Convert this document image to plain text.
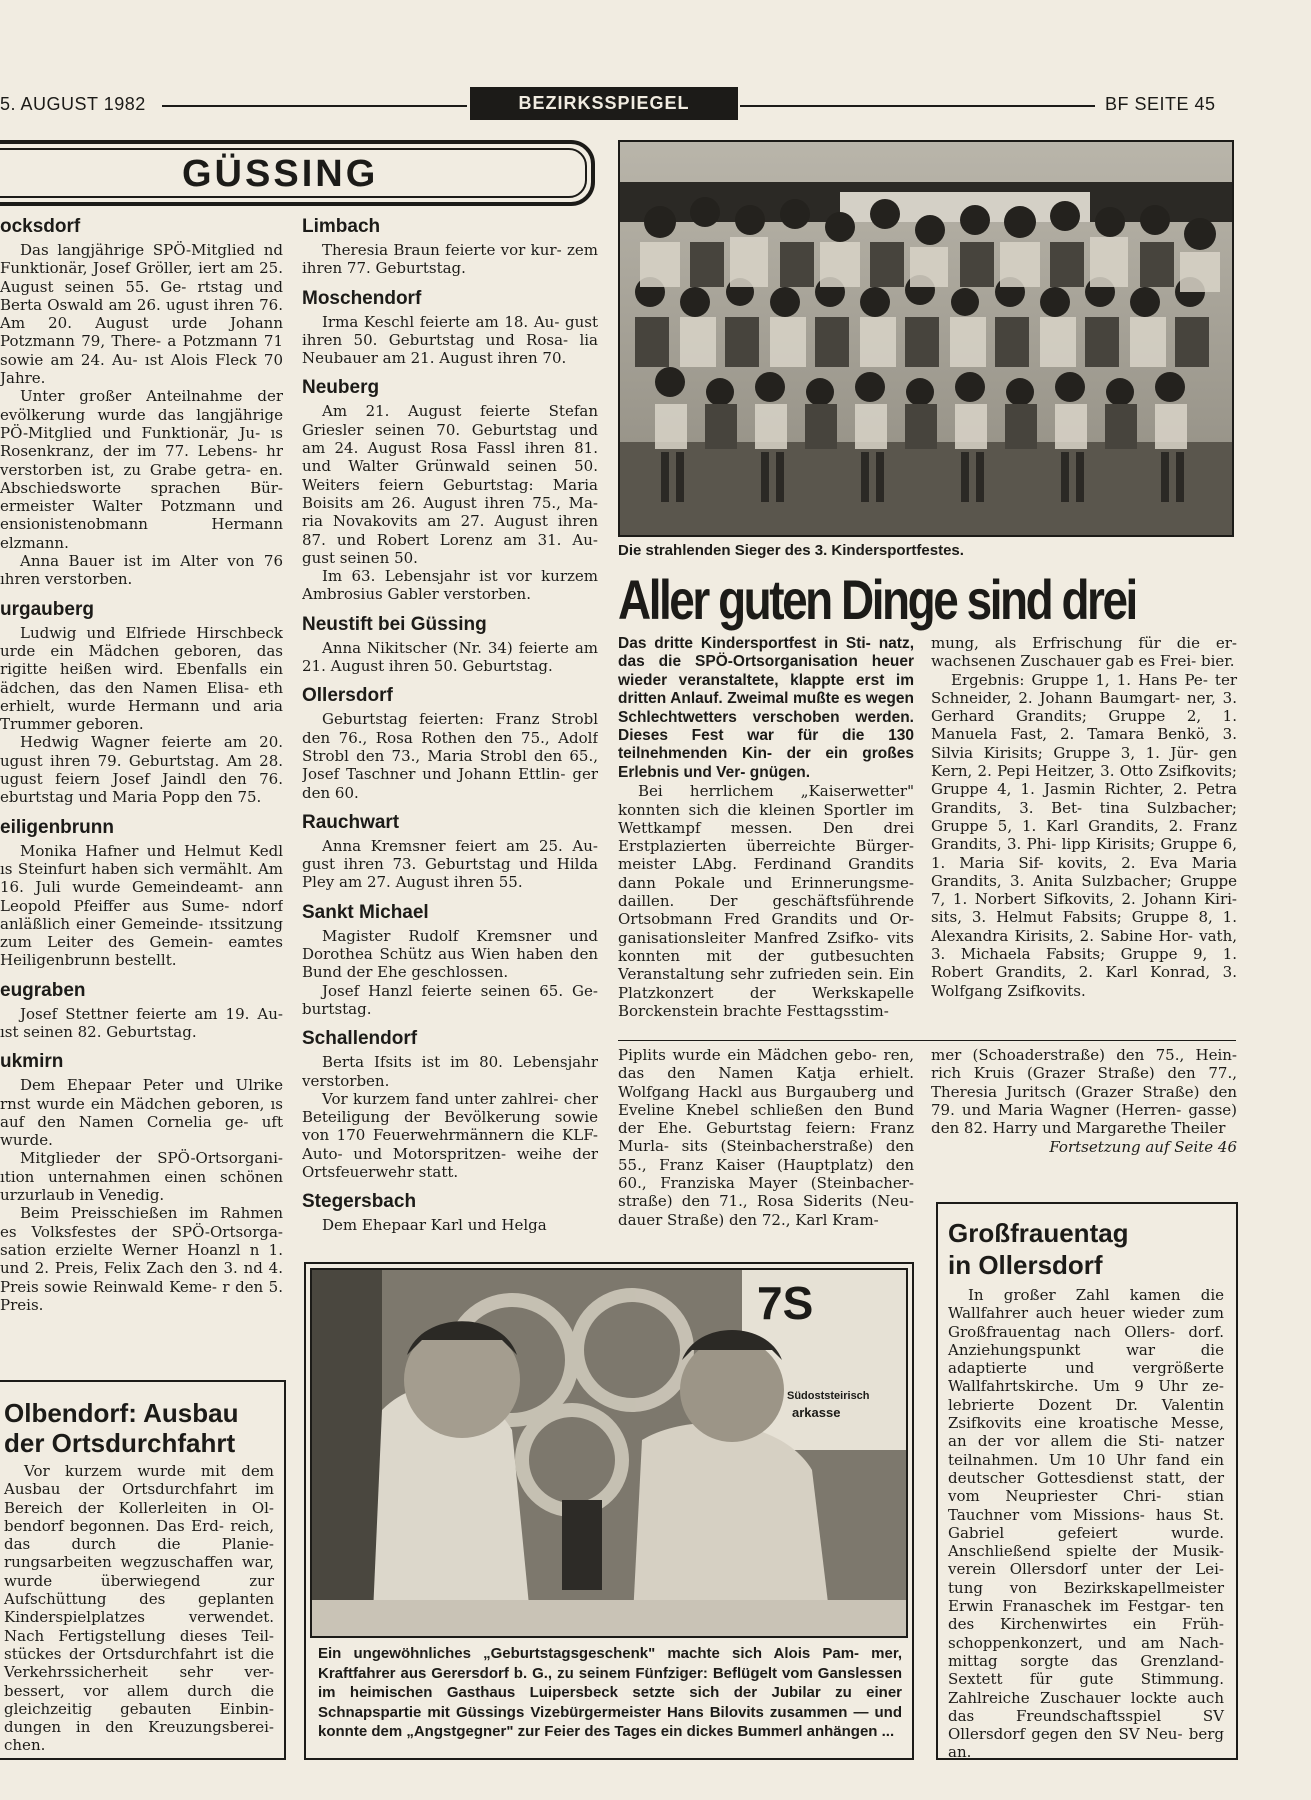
5. AUGUST 1982	BEZIRKSSPIEGEL	BF SEITE 45
GÜSSING
ocksdorf

Das langjährige SPÖ-Mitglied nd Funktionär, Josef Gröller, iert am 25. August seinen 55. Ge- rtstag und Berta Oswald am 26. ugust ihren 76. Am 20. August urde Johann Potzmann 79, There- a Potzmann 71 sowie am 24. Au- ıst Alois Fleck 70 Jahre.

Unter großer Anteilnahme der evölkerung wurde das langjährige PÖ-Mitglied und Funktionär, Ju- ıs Rosenkranz, der im 77. Lebens- hr verstorben ist, zu Grabe getra- en. Abschiedsworte sprachen Bür- ermeister Walter Potzmann und ensionistenobmann Hermann elzmann.

Anna Bauer ist im Alter von 76 ıhren verstorben.

urgauberg

Ludwig und Elfriede Hirschbeck urde ein Mädchen geboren, das rigitte heißen wird. Ebenfalls ein ädchen, das den Namen Elisa- eth erhielt, wurde Hermann und aria Trummer geboren.

Hedwig Wagner feierte am 20. ugust ihren 79. Geburtstag. Am 28. ugust feiern Josef Jaindl den 76. eburtstag und Maria Popp den 75.

eiligenbrunn

Monika Hafner und Helmut Kedl ıs Steinfurt haben sich vermählt. Am 16. Juli wurde Gemeindeamt- ann Leopold Pfeiffer aus Sume- ndorf anläßlich einer Gemeinde- ıtssitzung zum Leiter des Gemein- eamtes Heiligenbrunn bestellt.

eugraben

Josef Stettner feierte am 19. Au- ıst seinen 82. Geburtstag.

ukmirn

Dem Ehepaar Peter und Ulrike rnst wurde ein Mädchen geboren, ıs auf den Namen Cornelia ge- uft wurde.

Mitglieder der SPÖ-Ortsorgani- ıtion unternahmen einen schönen urzurlaub in Venedig.

Beim Preisschießen im Rahmen es Volksfestes der SPÖ-Ortsorga- sation erzielte Werner Hoanzl n 1. und 2. Preis, Felix Zach den 3. nd 4. Preis sowie Reinwald Keme- r den 5. Preis.

Olbendorf: Ausbau
der Ortsdurchfahrt

Vor kurzem wurde mit dem Ausbau der Ortsdurchfahrt im Bereich der Kollerleiten in Ol- bendorf begonnen. Das Erd- reich, das durch die Planie- rungsarbeiten wegzuschaffen war, wurde überwiegend zur Aufschüttung des geplanten Kinderspielplatzes verwendet. Nach Fertigstellung dieses Teil- stückes der Ortsdurchfahrt ist die Verkehrssicherheit sehr ver- bessert, vor allem durch die gleichzeitig gebauten Einbin- dungen in den Kreuzungsberei- chen.

Limbach

Theresia Braun feierte vor kur- zem ihren 77. Geburtstag.

Moschendorf

Irma Keschl feierte am 18. Au- gust ihren 50. Geburtstag und Rosa- lia Neubauer am 21. August ihren 70.

Neuberg

Am 21. August feierte Stefan Griesler seinen 70. Geburtstag und am 24. August Rosa Fassl ihren 81. und Walter Grünwald seinen 50. Weiters feiern Geburtstag: Maria Boisits am 26. August ihren 75., Ma- ria Novakovits am 27. August ihren 87. und Robert Lorenz am 31. Au- gust seinen 50.

Im 63. Lebensjahr ist vor kurzem Ambrosius Gabler verstorben.

Neustift bei Güssing

Anna Nikitscher (Nr. 34) feierte am 21. August ihren 50. Geburtstag.

Ollersdorf

Geburtstag feierten: Franz Strobl den 76., Rosa Rothen den 75., Adolf Strobl den 73., Maria Strobl den 65., Josef Taschner und Johann Ettlin- ger den 60.

Rauchwart

Anna Kremsner feiert am 25. Au- gust ihren 73. Geburtstag und Hilda Pley am 27. August ihren 55.

Sankt Michael

Magister Rudolf Kremsner und Dorothea Schütz aus Wien haben den Bund der Ehe geschlossen.

Josef Hanzl feierte seinen 65. Ge- burtstag.

Schallendorf

Berta Ifsits ist im 80. Lebensjahr verstorben.

Vor kurzem fand unter zahlrei- cher Beteiligung der Bevölkerung sowie von 170 Feuerwehrmännern die KLF-Auto- und Motorspritzen- weihe der Ortsfeuerwehr statt.

Stegersbach

Dem Ehepaar Karl und Helga

Die strahlenden Sieger des 3. Kindersportfestes.
Aller guten Dinge sind drei
Das dritte Kindersportfest in Sti- natz, das die SPÖ-Ortsorganisation heuer wieder veranstaltete, klappte erst im dritten Anlauf. Zweimal mußte es wegen Schlechtwetters verschoben werden. Dieses Fest war für die 130 teilnehmenden Kin- der ein großes Erlebnis und Ver- gnügen.

Bei herrlichem „Kaiserwetter" konnten sich die kleinen Sportler im Wettkampf messen. Den drei Erstplazierten überreichte Bürger- meister LAbg. Ferdinand Grandits dann Pokale und Erinnerungsme- daillen. Der geschäftsführende Ortsobmann Fred Grandits und Or- ganisationsleiter Manfred Zsifko- vits konnten mit der gutbesuchten Veranstaltung sehr zufrieden sein. Ein Platzkonzert der Werkskapelle Borckenstein brachte Festtagsstim-

mung, als Erfrischung für die er- wachsenen Zuschauer gab es Frei- bier.

Ergebnis: Gruppe 1, 1. Hans Pe- ter Schneider, 2. Johann Baumgart- ner, 3. Gerhard Grandits; Gruppe 2, 1. Manuela Fast, 2. Tamara Benkö, 3. Silvia Kirisits; Gruppe 3, 1. Jür- gen Kern, 2. Pepi Heitzer, 3. Otto Zsifkovits; Gruppe 4, 1. Jasmin Richter, 2. Petra Grandits, 3. Bet- tina Sulzbacher; Gruppe 5, 1. Karl Grandits, 2. Franz Grandits, 3. Phi- lipp Kirisits; Gruppe 6, 1. Maria Sif- kovits, 2. Eva Maria Grandits, 3. Anita Sulzbacher; Gruppe 7, 1. Norbert Sifkovits, 2. Johann Kiri- sits, 3. Helmut Fabsits; Gruppe 8, 1. Alexandra Kirisits, 2. Sabine Hor- vath, 3. Michaela Fabsits; Gruppe 9, 1. Robert Grandits, 2. Karl Konrad, 3. Wolfgang Zsifkovits.

Piplits wurde ein Mädchen gebo- ren, das den Namen Katja erhielt. Wolfgang Hackl aus Burgauberg und Eveline Knebel schließen den Bund der Ehe. Geburtstag feiern: Franz Murla- sits (Steinbacherstraße) den 55., Franz Kaiser (Hauptplatz) den 60., Franziska Mayer (Steinbacher- straße) den 71., Rosa Siderits (Neu- dauer Straße) den 72., Karl Kram-

mer (Schoaderstraße) den 75., Hein- rich Kruis (Grazer Straße) den 77., Theresia Juritsch (Grazer Straße) den 79. und Maria Wagner (Herren- gasse) den 82. Harry und Margarethe Theiler

Fortsetzung auf Seite 46

7S
Südoststeirisch
arkasse
Ein ungewöhnliches „Geburtstagsgeschenk" machte sich Alois Pam- mer, Kraftfahrer aus Gerersdorf b. G., zu seinem Fünfziger: Beflügelt vom Ganslessen im heimischen Gasthaus Luipersbeck setzte sich der Jubilar zu einer Schnapspartie mit Güssings Vizebürgermeister Hans Bilovits zusammen — und konnte dem „Angstgegner" zur Feier des Tages ein dickes Bummerl anhängen ...
Großfrauentag
in Ollersdorf

In großer Zahl kamen die Wallfahrer auch heuer wieder zum Großfrauentag nach Ollers- dorf. Anziehungspunkt war die adaptierte und vergrößerte Wallfahrtskirche. Um 9 Uhr ze- lebrierte Dozent Dr. Valentin Zsifkovits eine kroatische Messe, an der vor allem die Sti- natzer teilnahmen. Um 10 Uhr fand ein deutscher Gottesdienst statt, der vom Neupriester Chri- stian Tauchner vom Missions- haus St. Gabriel gefeiert wurde. Anschließend spielte der Musik- verein Ollersdorf unter der Lei- tung von Bezirkskapellmeister Erwin Franaschek im Festgar- ten des Kirchenwirtes ein Früh- schoppenkonzert, und am Nach- mittag sorgte das Grenzland- Sextett für gute Stimmung. Zahlreiche Zuschauer lockte auch das Freundschaftsspiel SV Ollersdorf gegen den SV Neu- berg an.
